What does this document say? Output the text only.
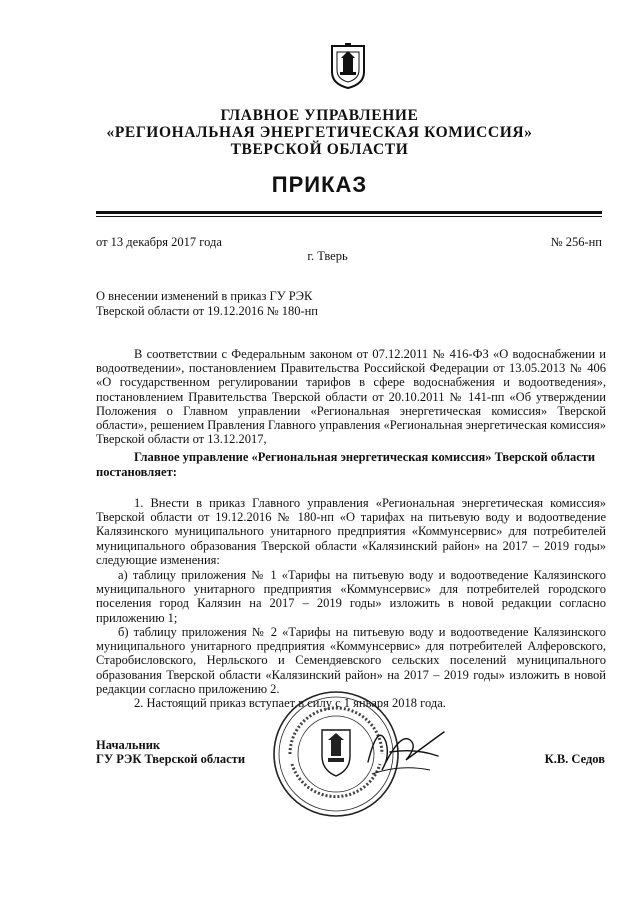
ГЛАВНОЕ УПРАВЛЕНИЕ
«РЕГИОНАЛЬНАЯ ЭНЕРГЕТИЧЕСКАЯ КОМИССИЯ»
ТВЕРСКОЙ ОБЛАСТИ
ПРИКАЗ
от 13 декабря 2017 года	№ 256-нп
г. Тверь
О внесении изменений в приказ ГУ РЭК
Тверской области от 19.12.2016 № 180-нп
В соответствии с Федеральным законом от 07.12.2011 № 416-ФЗ «О водоснабжении и водоотведении», постановлением Правительства Российской Федерации от 13.05.2013 № 406 «О государственном регулировании тарифов в сфере водоснабжения и водоотведения», постановлением Правительства Тверской области от 20.10.2011 № 141-пп «Об утверждении Положения о Главном управлении «Региональная энергетическая комиссия» Тверской области», решением Правления Главного управления «Региональная энергетическая комиссия» Тверской области от 13.12.2017,
Главное управление «Региональная энергетическая комиссия» Тверской области
постановляет:
1. Внести в приказ Главного управления «Региональная энергетическая комиссия» Тверской области от 19.12.2016 № 180-нп «О тарифах на питьевую воду и водоотведение Калязинского муниципального унитарного предприятия «Коммунсервис» для потребителей муниципального образования Тверской области «Калязинский район» на 2017 – 2019 годы» следующие изменения:
а) таблицу приложения № 1 «Тарифы на питьевую воду и водоотведение Калязинского муниципального унитарного предприятия «Коммунсервис» для потребителей городского поселения город Калязин на 2017 – 2019 годы» изложить в новой редакции согласно приложению 1;
б) таблицу приложения № 2 «Тарифы на питьевую воду и водоотведение Калязинского муниципального унитарного предприятия «Коммунсервис» для потребителей Алферовского, Старобисловского, Нерльского и Семендяевского сельских поселений муниципального образования Тверской области «Калязинский район» на 2017 – 2019 годы» изложить в новой редакции согласно приложению 2.
2. Настоящий приказ вступает в силу с 1 января 2018 года.
Начальник
ГУ РЭК Тверской области	К.В. Седов
